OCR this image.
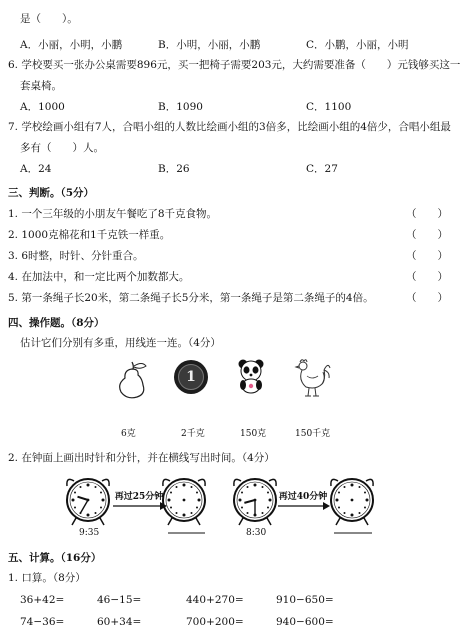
是（　　）。
A．小丽，小明，小鹏	B．小明，小丽，小鹏	C．小鹏，小丽，小明
6. 学校要买一张办公桌需要896元，买一把椅子需要203元，大约需要准备（　　）元钱够买这一
套桌椅。
A．1000	B．1090	C．1100
7. 学校绘画小组有7人，合唱小组的人数比绘画小组的3倍多，比绘画小组的4倍少，合唱小组最
多有（　　）人。
A．24	B．26	C．27
三、判断。（5分）
1. 一个三年级的小朋友午餐吃了8千克食物。	（　　）
2. 1000克棉花和1千克铁一样重。	（　　）
3. 6时整，时针、分针重合。	（　　）
4. 在加法中，和一定比两个加数都大。	（　　）
5. 第一条绳子长20米，第二条绳子长5分米，第一条绳子是第二条绳子的4倍。	（　　）
四、操作题。（8分）
估计它们分别有多重，用线连一连。（4分）
1
6克	2千克	150克	150千克
2. 在钟面上画出时针和分针，并在横线写出时间。（4分）
再过25分钟	再过40分钟
9:35	8:30
五、计算。（16分）
1. 口算。（8分）
36+42=	46−15=	440+270=	910−650=
74−36=	60+34=	700+200=	940−600=
